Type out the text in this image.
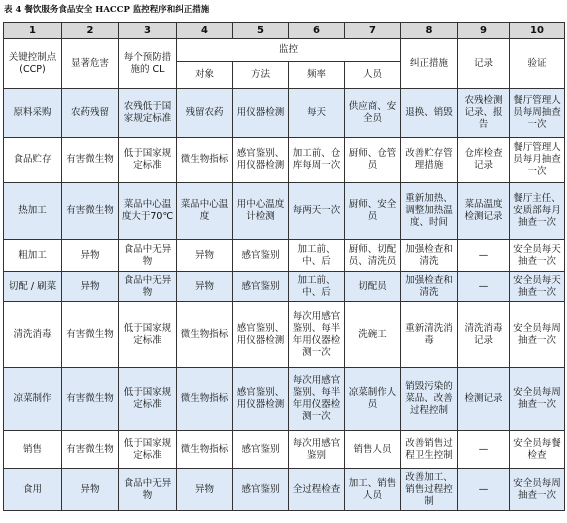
表 4 餐饮服务食品安全 HACCP 监控程序和纠正措施
1	2	3	4	5	6	7	8	9	10
关键控制点(CCP)	显著危害	每个预防措施的 CL	监控				纠正措施	记录	验证
			对象	方法	频率	人员			
原料采购	农药残留	农残低于国家规定标准	残留农药	用仪器检测	每天	供应商、安全员	退换、销毁	农残检测记录、报告	餐厅管理人员每周抽查一次
食品贮存	有害微生物	低于国家规定标准	微生物指标	感官鉴别、用仪器检测	加工前、仓库每周一次	厨师、仓管员	改善贮存管理措施	仓库检查记录	餐厅管理人员每月抽查一次
热加工	有害微生物	菜品中心温度大于70℃	菜品中心温度	用中心温度计检测	每两天一次	厨师、安全员	重新加热、调整加热温度、时间	菜品温度检测记录	餐厅主任、安质部每月抽查一次
粗加工	异物	食品中无异物	异物	感官鉴别	加工前、中、后	厨师、切配员、清洗员	加强检查和清洗	—	安全员每天抽查一次
切配 / 刷菜	异物	食品中无异物	异物	感官鉴别	加工前、中、后	切配员	加强检查和清洗	—	安全员每天抽查一次
清洗消毒	有害微生物	低于国家规定标准	微生物指标	感官鉴别、用仪器检测	每次用感官鉴别、每半年用仪器检测一次	洗碗工	重新清洗消毒	清洗消毒记录	安全员每周抽查一次
凉菜制作	有害微生物	低于国家规定标准	微生物指标	感官鉴别、用仪器检测	每次用感官鉴别、每半年用仪器检测一次	凉菜制作人员	销毁污染的菜品、改善过程控制	检测记录	安全员每周抽查一次
销售	有害微生物	低于国家规定标准	微生物指标	感官鉴别	每次用感官鉴别	销售人员	改善销售过程卫生控制	—	安全员每餐检查
食用	异物	食品中无异物	异物	感官鉴别	全过程检查	加工、销售人员	改善加工、销售过程控制	—	安全员每周抽查一次
